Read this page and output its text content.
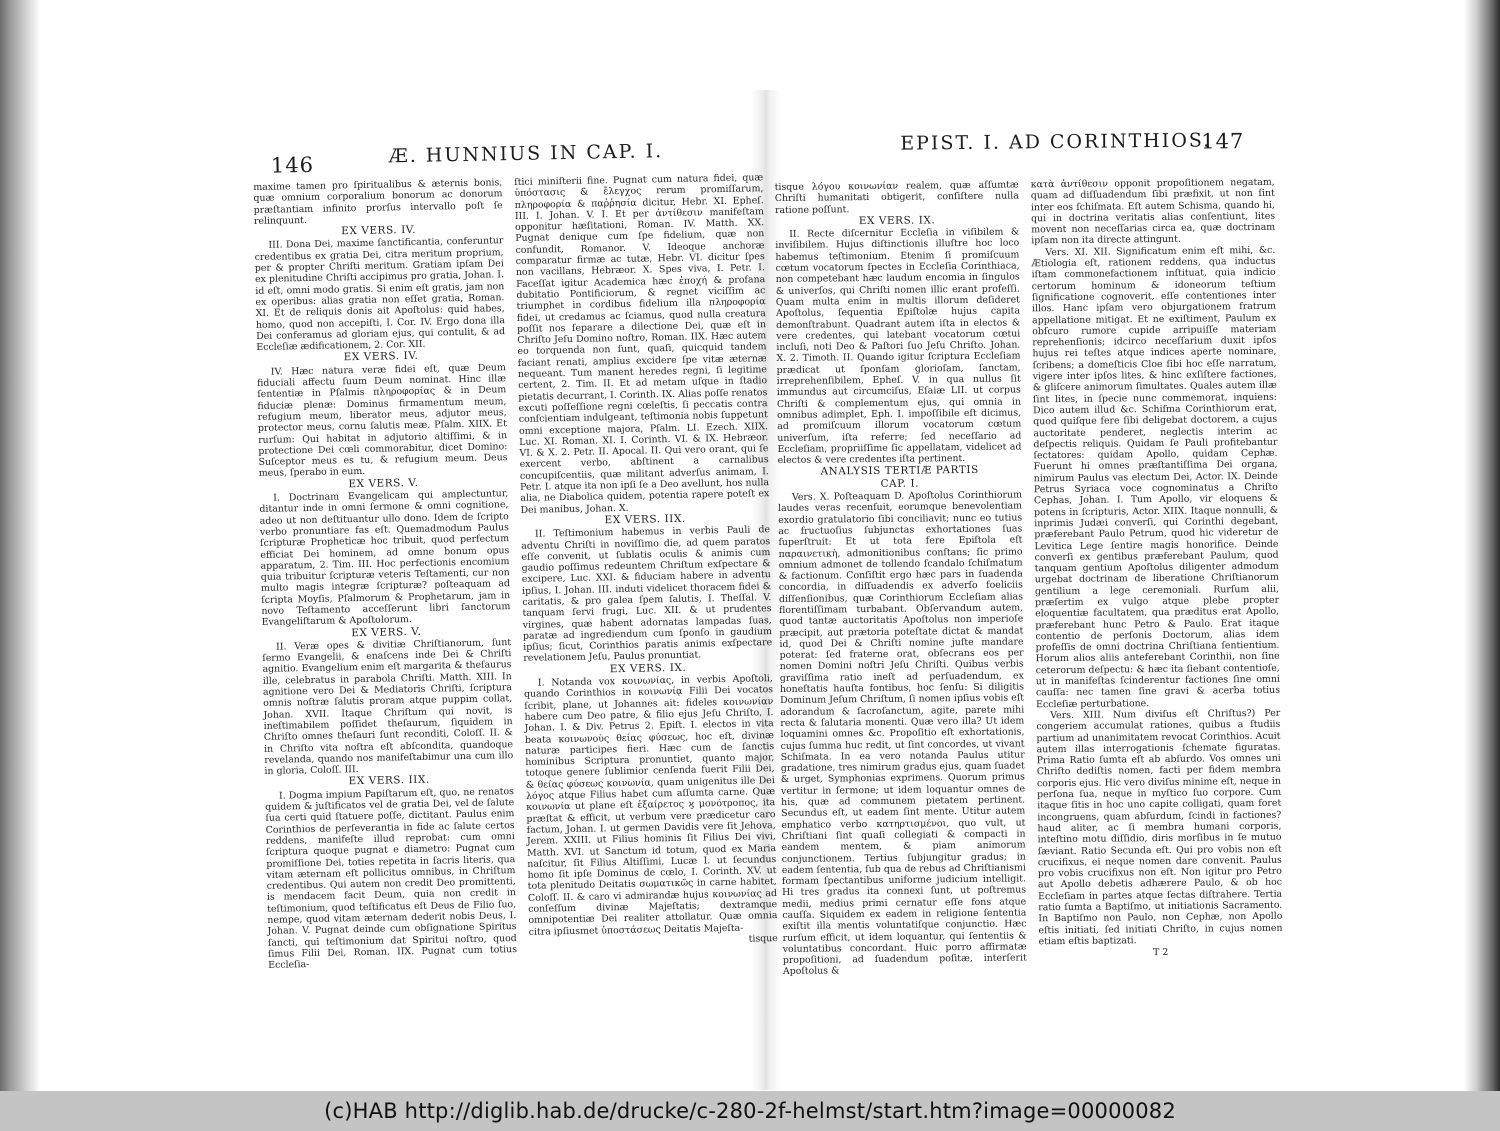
146	Æ. HUNNIUS IN CAP. I.

maxime tamen pro ſpiritualibus & æternis bonis, quæ omnium corporalium bonorum ac donorum præſtantiam infinito prorſus intervallo poſt ſe relinquunt.

EX VERS. IV.

III. Dona Dei, maxime ſanctificantia, conferuntur credentibus ex gratia Dei, citra meritum proprium, per & propter Chriſti meritum. Gratiam ipſam Dei ex plenitudine Chriſti accipimus pro gratia, Johan. I. id eſt, omni modo gratis. Si enim eſt gratis, jam non ex operibus: alias gratia non eſſet gratia, Roman. XI. Et de reliquis donis ait Apoſtolus: quid habes, homo, quod non accepiſti, I. Cor. IV. Ergo dona illa Dei conferamus ad gloriam ejus, qui contulit, & ad Eccleſiæ ædificationem, 2. Cor. XII.

EX VERS. IV.

IV. Hæc natura veræ fidei eſt, quæ Deum fiduciali affectu ſuum Deum nominat. Hinc illæ ſententiæ in Pſalmis πληροφορίας & in Deum fiduciæ plenæ: Dominus firmamentum meum, refugium meum, liberator meus, adjutor meus, protector meus, cornu ſalutis meæ. Pſalm. XIIX. Et rurſum: Qui habitat in adjutorio altiſſimi, & in protectione Dei cœli commorabitur, dicet Domino: Suſceptor meus es tu, & refugium meum. Deus meus, ſperabo in eum.

EX VERS. V.

I. Doctrinam Evangelicam qui amplectuntur, ditantur inde in omni ſermone & omni cognitione, adeo ut non deſtituantur ullo dono. Idem de ſcripto verbo pronuntiare fas eſt. Quemadmodum Paulus ſcripturæ Propheticæ hoc tribuit, quod perfectum efficiat Dei hominem, ad omne bonum opus apparatum, 2. Tim. III. Hoc perfectionis encomium quia tribuitur ſcripturæ veteris Teſtamenti, cur non multo magis integræ ſcripturæ? poſteaquam ad ſcripta Moyſis, Pſalmorum & Prophetarum, jam in novo Teſtamento acceſſerunt libri ſanctorum Evangeliſtarum & Apoſtolorum.

EX VERS. V.

II. Veræ opes & divitiæ Chriſtianorum, ſunt ſermo Evangelii, & enaſcens inde Dei & Chriſti agnitio. Evangelium enim eſt margarita & theſaurus ille, celebratus in parabola Chriſti. Matth. XIII. In agnitione vero Dei & Mediatoris Chriſti, ſcriptura omnis noſtræ ſalutis proram atque puppim collat, Johan. XVII. Itaque Chriſtum qui novit, is ineſtimabilem poſſidet theſaurum, ſiquidem in Chriſto omnes theſauri ſunt reconditi, Coloſſ. II. & in Chriſto vita noſtra eſt abſcondita, quandoque revelanda, quando nos manifeſtabimur una cum illo in gloria, Coloſſ. III.

EX VERS. IIX.

I. Dogma impium Papiſtarum eſt, quo, ne renatos quidem & juſtificatos vel de gratia Dei, vel de ſalute ſua certi quid ſtatuere poſſe, dictitant. Paulus enim Corinthios de perſeverantia in fide ac ſalute certos reddens, manifeſte illud reprobat: cum omni ſcriptura quoque pugnat e diametro: Pugnat cum promiſſione Dei, toties repetita in ſacris literis, qua vitam æternam eſt pollicitus omnibus, in Chriſtum credentibus. Qui autem non credit Deo promittenti, is mendacem facit Deum, quia non credit in teſtimonium, quod teſtificatus eſt Deus de Filio ſuo, nempe, quod vitam æternam dederit nobis Deus, I. Johan. V. Pugnat deinde cum obſignatione Spiritus ſancti, qui teſtimonium dat Spiritui noſtro, quod ſimus Filii Dei, Roman. IIX. Pugnat cum totius Eccleſia-

ſtici miniſterii fine. Pugnat cum natura fidei, quæ ὑπόστασις & ἔλεγχος rerum promiſſarum, πληροφορία & παῤῥησία dicitur, Hebr. XI. Epheſ. III. I. Johan. V. I. Et per ἀντίθεσιν manifeſtam opponitur hæſitationi, Roman. IV. Matth. XX. Pugnat denique cum ſpe fidelium, quæ non confundit, Romanor. V. Ideoque anchoræ comparatur firmæ ac tutæ, Hebr. VI. dicitur ſpes non vacillans, Hebræor. X. Spes viva, I. Petr. I. Faceſſat igitur Academica hæc ἐποχή & profana dubitatio Pontificiorum, & regnet viciſſim ac triumphet in cordibus fidelium illa πληροφορία fidei, ut credamus ac ſciamus, quod nulla creatura poſſit nos ſeparare a dilectione Dei, quæ eſt in Chriſto Jeſu Domino noſtro, Roman. IIX. Hæc autem eo torquenda non ſunt, quaſi, quicquid tandem faciant renati, amplius excidere ſpe vitæ æternæ nequeant. Tum manent heredes regni, ſi legitime certent, 2. Tim. II. Et ad metam uſque in ſtadio pietatis decurrant, I. Corinth. IX. Alias poſſe renatos excuti poſſeſſione regni cœleſtis, ſi peccatis contra conſcientiam indulgeant, teſtimonia nobis ſuppetunt omni exceptione majora, Pſalm. LI. Ezech. XIIX. Luc. XI. Roman. XI. I. Corinth. VI. & IX. Hebræor. VI. & X. 2. Petr. II. Apocal. II. Qui vero orant, qui ſe exercent verbo, abſtinent a carnalibus concupiſcentiis, quæ militant adverſus animam, I. Petr. I. atque ita non ipſi ſe a Deo avellunt, hos nulla alia, ne Diabolica quidem, potentia rapere poteſt ex Dei manibus, Johan. X.

EX VERS. IIX.

II. Teſtimonium habemus in verbis Pauli de adventu Chriſti in noviſſimo die, ad quem paratos eſſe convenit, ut ſublatis oculis & animis cum gaudio poſſimus redeuntem Chriſtum exſpectare & excipere, Luc. XXI. & fiduciam habere in adventu ipſius, I. Johan. III. induti videlicet thoracem fidei & caritatis, & pro galea ſpem ſalutis, I. Theſſal. V. tanquam ſervi frugi, Luc. XII. & ut prudentes virgines, quæ habent adornatas lampadas ſuas, paratæ ad ingrediendum cum ſponſo in gaudium ipſius; ſicut, Corinthios paratis animis exſpectare revelationem Jeſu, Paulus pronuntiat.

EX VERS. IX.

I. Notanda vox κοινωνίας, in verbis Apoſtoli, quando Corinthios in κοινωνίᾳ Filii Dei vocatos ſcribit, plane, ut Johannes ait: fideles κοινωνίαν habere cum Deo patre, & filio ejus Jeſu Chriſto, I. Johan. I. & Div. Petrus 2. Epiſt. I. electos in vita beata κοινωνοὺς θείας φύσεως, hoc eſt, divinæ naturæ participes fieri. Hæc cum de ſanctis hominibus Scriptura pronuntiet, quanto major, totoque genere ſublimior cenſenda fuerit Filii Dei, & θείας φύσεως κοινωνία, quam unigenitus ille Dei λόγος atque Filius habet cum aſſumta carne. Quæ κοινωνία ut plane eſt ἐξαίρετος ϗ μονότροπος, ita præſtat & efficit, ut verbum vere prædicetur caro factum, Johan. I. ut germen Davidis vere ſit Jehova, Jerem. XXIII. ut Filius hominis ſit Filius Dei vivi, Matth. XVI. ut Sanctum id totum, quod ex Maria naſcitur, ſit Filius Altiſſimi, Lucæ I. ut ſecundus homo ſit ipſe Dominus de cœlo, I. Corinth. XV. ut tota plenitudo Deitatis σωματικῶς in carne habitet, Coloſſ. II. & caro vi admirandæ hujus κοινωνίας ad conſeſſum divinæ Majeſtatis; dextramque omnipotentiæ Dei realiter attollatur. Quæ omnia citra ipſiusmet ὑποστάσεως Deitatis Majeſta-

tisque

EPIST. I. AD CORINTHIOS.
147

tisque λόγου κοινωνίαν realem, quæ aſſumtæ Chriſti humanitati obtigerit, conſiſtere nulla ratione poſſunt.

EX VERS. IX.

II. Recte diſcernitur Eccleſia in viſibilem & inviſibilem. Hujus diſtinctionis illuſtre hoc loco habemus teſtimonium. Etenim ſi promiſcuum cœtum vocatorum ſpectes in Eccleſia Corinthiaca, non competebant hæc laudum encomia in ſingulos & univerſos, qui Chriſti nomen illic erant profeſſi. Quam multa enim in multis illorum deſideret Apoſtolus, ſequentia Epiſtolæ hujus capita demonſtrabunt. Quadrant autem iſta in electos & vere credentes, qui latebant vocatorum cœtui incluſi, noti Deo & Paſtori ſuo Jeſu Chriſto. Johan. X. 2. Timoth. II. Quando igitur ſcriptura Eccleſiam prædicat ut ſponſam glorioſam, ſanctam, irreprehenſibilem, Epheſ. V. in qua nullus ſit immundus aut circumciſus, Eſaiæ LII. ut corpus Chriſti & complementum ejus, qui omnia in omnibus adimplet, Eph. I. impoſſibile eſt dicimus, ad promiſcuum illorum vocatorum cœtum univerſum, iſta referre; ſed neceſſario ad Eccleſiam, propriiſſime ſic appellatam, videlicet ad electos & vere credentes iſta pertinent.

ANALYSIS TERTIÆ PARTIS

CAP. I.

Vers. X. Poſteaquam D. Apoſtolus Corinthiorum laudes veras recenſuit, eorumque benevolentiam exordio gratulatorio ſibi conciliavit; nunc eo tutius ac fructuoſius ſubjunctas exhortationes ſuas ſuperſtruit: Et ut tota fere Epiſtola eſt παραινετικὴ, admonitionibus conſtans; ſic primo omnium admonet de tollendo ſcandalo ſchiſmatum & factionum. Conſiſtit ergo hæc pars in ſuadenda concordia, in diſſuadendis ex adverſo foeliciis diſſenſionibus, quæ Corinthiorum Eccleſiam alias florentiſſimam turbabant. Obſervandum autem, quod tantæ auctoritatis Apoſtolus non imperioſe præcipit, aut prætoria poteſtate dictat & mandat id, quod Dei & Chriſti nomine juſte mandare poterat: ſed fraterne orat, obſecrans eos per nomen Domini noſtri Jeſu Chriſti. Quibus verbis graviſſima ratio ineſt ad perſuadendum, ex honeſtatis hauſta fontibus, hoc ſenſu: Si diligitis Dominum Jeſum Chriſtum, ſi nomen ipſius vobis eſt adorandum & ſacroſanctum, agite, parete mihi recta & ſalutaria monenti. Quæ vero illa? Ut idem loquamini omnes &c. Propoſitio eſt exhortationis, cujus ſumma huc redit, ut ſint concordes, ut vivant Schiſmata. In ea vero notanda Paulus utitur gradatione, tres nimirum gradus ejus, quam ſuadet & urget, Symphonias exprimens. Quorum primus vertitur in ſermone; ut idem loquantur omnes de his, quæ ad communem pietatem pertinent. Secundus eſt, ut eadem ſint mente. Utitur autem emphatico verbo κατηρτισμένοι, quo vult, ut Chriſtiani ſint quaſi collegiati & compacti in eandem mentem, & piam animorum conjunctionem. Tertius ſubjungitur gradus; in eadem ſententia, ſub qua de rebus ad Chriſtianismi formam ſpectantibus uniforme judicium intelligit. Hi tres gradus ita connexi ſunt, ut poſtremus medii, medius primi cernatur eſſe fons atque cauſſa. Siquidem ex eadem in religione ſententia exiſtit illa mentis voluntatiſque conjunctio. Hæc rurſum efficit, ut idem loquantur, qui ſententiis & voluntatibus concordant. Huic porro affirmatæ propoſitioni, ad ſuadendum poſitæ, interſerit Apoſtolus &

κατὰ ἀντίθεσιν opponit propoſitionem negatam, quam ad diſſuadendum ſibi præfixit, ut non ſint inter eos ſchiſmata. Eſt autem Schisma, quando hi, qui in doctrina veritatis alias conſentiunt, lites movent non neceſſarias circa ea, quæ doctrinam ipſam non ita directe attingunt.

Vers. XI. XII. Significatum enim eſt mihi, &c. Ætiologia eſt, rationem reddens, qua inductus iſtam commonefactionem inſtituat, quia indicio certorum hominum & idoneorum teſtium ſignificatione cognoverit, eſſe contentiones inter illos. Hanc ipſam vero objurgationem fratrum appellatione mitigat. Et ne exiſtiment, Paulum ex obſcuro rumore cupide arripuiſſe materiam reprehenſionis; idcirco neceſſarium duxit ipſos hujus rei teſtes atque indices aperte nominare, ſcribens; a domeſticis Cloe ſibi hoc eſſe narratum, vigere inter ipſos lites, & hinc exſiſtere factiones, & gliſcere animorum ſimultates. Quales autem illæ ſint lites, in ſpecie nunc commemorat, inquiens: Dico autem illud &c. Schiſma Corinthiorum erat, quod quiſque fere ſibi deligebat doctorem, a cujus auctoritate penderet, neglectis interim ac deſpectis reliquis. Quidam ſe Pauli profitebantur ſectatores: quidam Apollo, quidam Cephæ. Fuerunt hi omnes præſtantiſſima Dei organa, nimirum Paulus vas electum Dei, Actor. IX. Deinde Petrus Syriaca voce cognominatus a Chriſto Cephas, Johan. I. Tum Apollo, vir eloquens & potens in ſcripturis, Actor. XIIX. Itaque nonnulli, & inprimis Judæi converſi, qui Corinthi degebant, præferebant Paulo Petrum, quod hic videretur de Levitica Lege ſentire magis honorifice. Deinde converſi ex gentibus præferebant Paulum, quod tanquam gentium Apoſtolus diligenter admodum urgebat doctrinam de liberatione Chriſtianorum gentilium a lege ceremoniali. Rurſum alii, præſertim ex vulgo atque plebe propter eloquentiæ facultatem, qua præditus erat Apollo, præferebant hunc Petro & Paulo. Erat itaque contentio de perſonis Doctorum, alias idem profeſſis de omni doctrina Chriſtiana ſentientium. Horum alios aliis anteferebant Corinthii, non ſine ceterorum deſpectu: & hæc ita ſiebant contentioſe, ut in manifeſtas ſcinderentur factiones ſine omni cauſſa: nec tamen ſine gravi & acerba totius Eccleſiæ perturbatione.

Vers. XIII. Num diviſus eſt Chriſtus?) Per congeriem accumulat rationes, quibus a ſtudiis partium ad unanimitatem revocat Corinthios. Acuit autem illas interrogationis ſchemate figuratas. Prima Ratio ſumta eſt ab abſurdo. Vos omnes uni Chriſto dediſtis nomen, facti per fidem membra corporis ejus. Hic vero diviſus minime eſt, neque in perſona ſua, neque in myſtico ſuo corpore. Cum itaque ſitis in hoc uno capite colligati, quam foret incongruens, quam abſurdum, ſcindi in factiones? haud aliter, ac ſi membra humani corporis, inteſtino motu diſſidio, diris morſibus in ſe mutuo ſæviant. Ratio Secunda eſt. Qui pro vobis non eſt crucifixus, ei neque nomen dare convenit. Paulus pro vobis crucifixus non eſt. Non igitur pro Petro aut Apollo debetis adhærere Paulo, & ob hoc Eccleſiam in partes atque ſectas diſtrahere. Tertia ratio ſumta a Baptiſmo, ut initiationis Sacramento. In Baptiſmo non Paulo, non Cephæ, non Apollo eſtis initiati, ſed initiati Chriſto, in cujus nomen etiam eſtis baptizati.

T 2

(c)HAB http://diglib.hab.de/drucke/c-280-2f-helmst/start.htm?image=00000082
